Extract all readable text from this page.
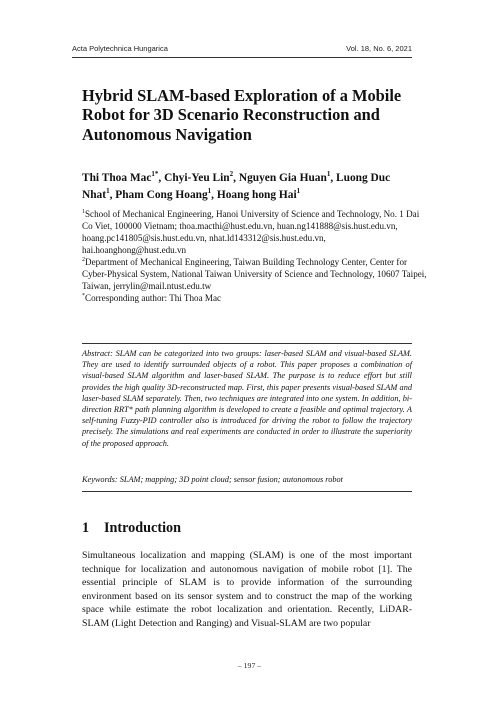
Acta Polytechnica Hungarica	Vol. 18, No. 6, 2021
Hybrid SLAM-based Exploration of a Mobile Robot for 3D Scenario Reconstruction and Autonomous Navigation
Thi Thoa Mac$^{1*}$, Chyi-Yeu Lin$^2$, Nguyen Gia Huan$^1$, Luong Duc Nhat$^1$, Pham Cong Hoang$^1$, Hoang hong Hai$^1$
$^1$School of Mechanical Engineering, Hanoi University of Science and Technology, No. 1 Dai Co Viet, 100000 Vietnam; thoa.macthi@hust.edu.vn, huan.ng141888@sis.hust.edu.vn, hoang.pc141805@sis.hust.edu.vn, nhat.ld143312@sis.hust.edu.vn, hai.hoanghong@hust.edu.vn
$^2$Department of Mechanical Engineering, Taiwan Building Technology Center, Center for Cyber-Physical System, National Taiwan University of Science and Technology, 10607 Taipei, Taiwan, jerrylin@mail.ntust.edu.tw
*Corresponding author: Thi Thoa Mac
Abstract: SLAM can be categorized into two groups: laser-based SLAM and visual-based SLAM. They are used to identify surrounded objects of a robot. This paper proposes a combination of visual-based SLAM algorithm and laser-based SLAM. The purpose is to reduce effort but still provides the high quality 3D-reconstructed map. First, this paper presents visual-based SLAM and laser-based SLAM separately. Then, two techniques are integrated into one system. In addition, bi-direction RRT* path planning algorithm is developed to create a feasible and optimal trajectory. A self-tuning Fuzzy-PID controller also is introduced for driving the robot to follow the trajectory precisely. The simulations and real experiments are conducted in order to illustrate the superiority of the proposed approach.
Keywords: SLAM; mapping; 3D point cloud; sensor fusion; autonomous robot
1 Introduction
Simultaneous localization and mapping (SLAM) is one of the most important technique for localization and autonomous navigation of mobile robot [1]. The essential principle of SLAM is to provide information of the surrounding environment based on its sensor system and to construct the map of the working space while estimate the robot localization and orientation. Recently, LiDAR-SLAM (Light Detection and Ranging) and Visual-SLAM are two popular
– 197 –
